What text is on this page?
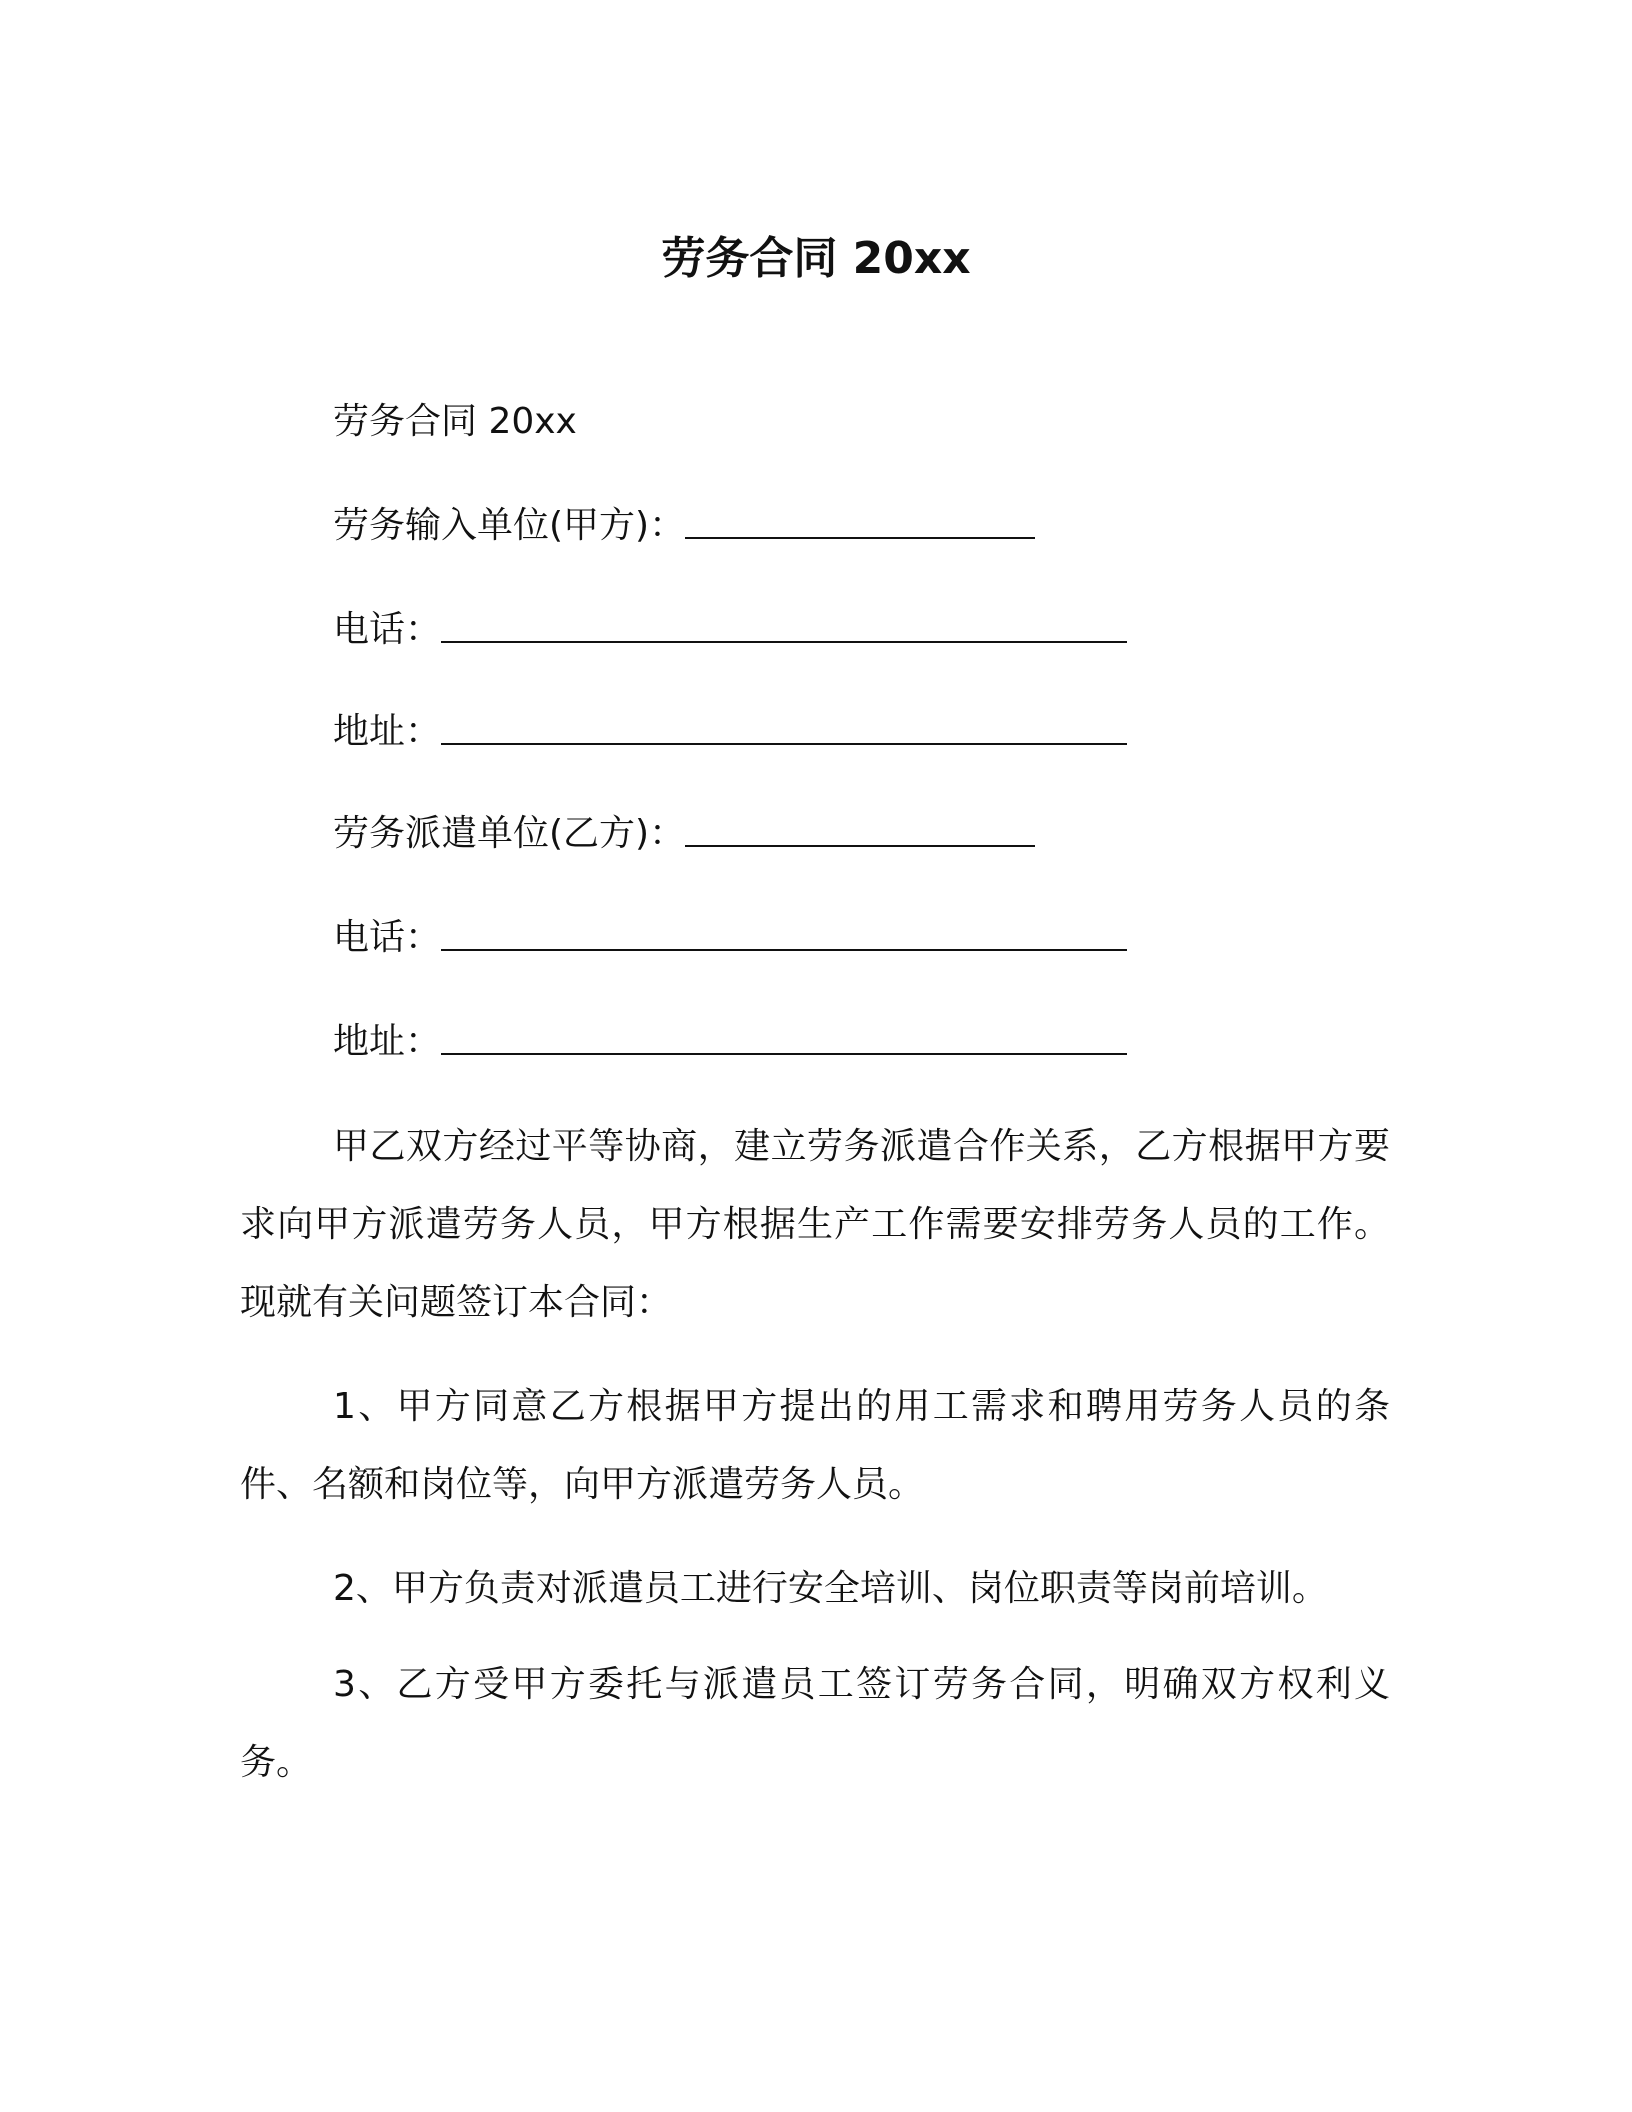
劳务合同 20xx
劳务合同 20xx
劳务输入单位(甲方)：
电话：
地址：
劳务派遣单位(乙方)：
电话：
地址：
甲乙双方经过平等协商，建立劳务派遣合作关系，乙方根据甲方要求向甲方派遣劳务人员，甲方根据生产工作需要安排劳务人员的工作。现就有关问题签订本合同：
1、甲方同意乙方根据甲方提出的用工需求和聘用劳务人员的条件、名额和岗位等，向甲方派遣劳务人员。
2、甲方负责对派遣员工进行安全培训、岗位职责等岗前培训。
3、乙方受甲方委托与派遣员工签订劳务合同，明确双方权利义务。
